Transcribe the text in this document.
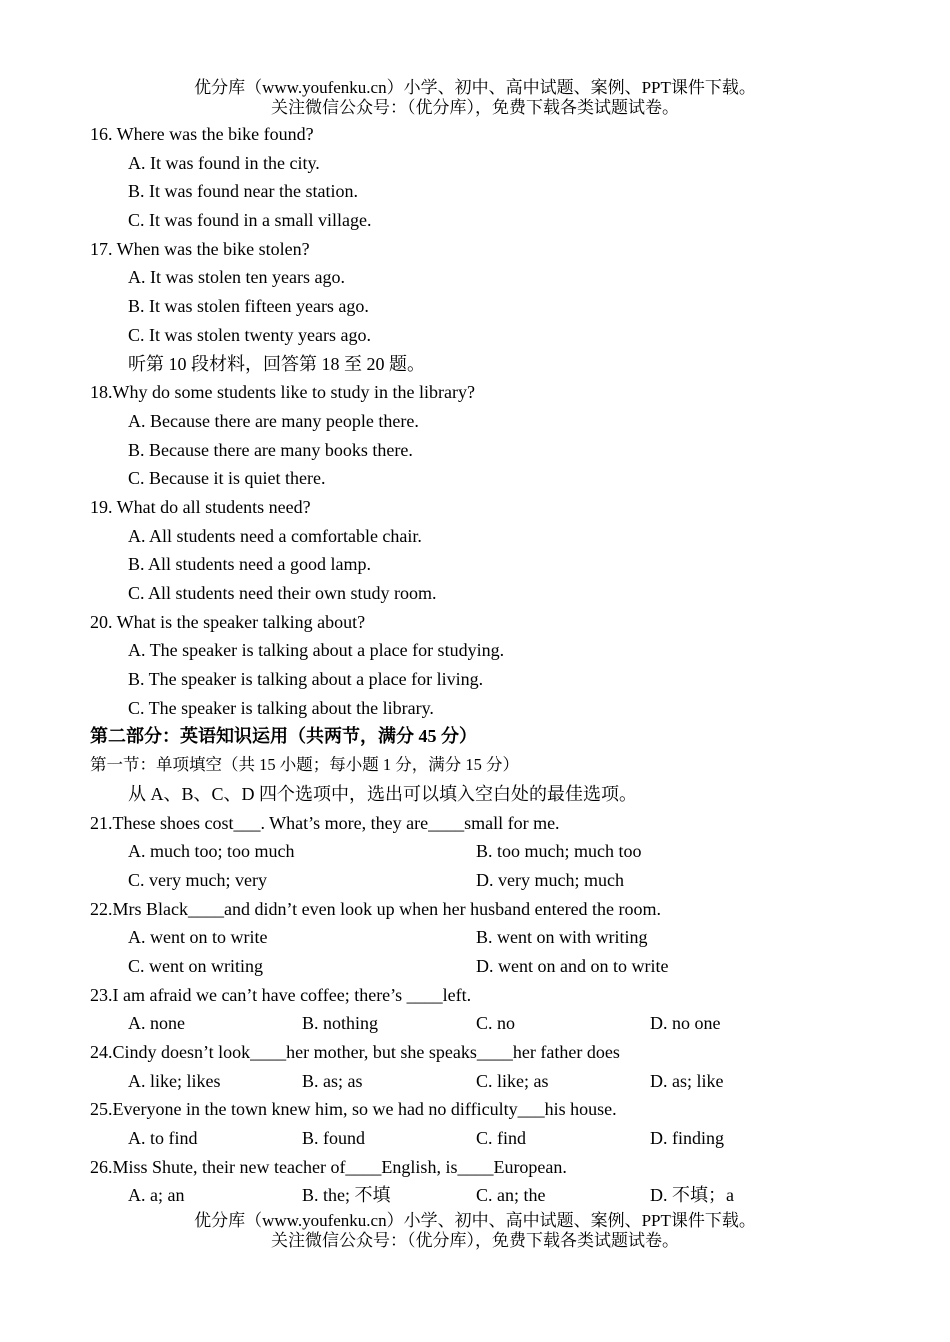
优分库（www.youfenku.cn）小学、初中、高中试题、案例、PPT课件下载。
关注微信公众号：（优分库），免费下载各类试题试卷。
16. Where was the bike found?
A. It was found in the city.
B. It was found near the station.
C. It was found in a small village.
17. When was the bike stolen?
A. It was stolen ten years ago.
B. It was stolen fifteen years ago.
C. It was stolen twenty years ago.
听第 10 段材料，回答第 18 至 20 题。
18.Why do some students like to study in the library?
A. Because there are many people there.
B. Because there are many books there.
C. Because it is quiet there.
19. What do all students need?
A. All students need a comfortable chair.
B. All students need a good lamp.
C. All students need their own study room.
20. What is the speaker talking about?
A. The speaker is talking about a place for studying.
B. The speaker is talking about a place for living.
C. The speaker is talking about the library.
第二部分：英语知识运用（共两节，满分 45 分）
第一节：单项填空（共 15 小题；每小题 1 分，满分 15 分）
从 A、B、C、D 四个选项中，选出可以填入空白处的最佳选项。
21.These shoes cost___. What’s more, they are____small for me.
A. much too; too much	B. too much; much too
C. very much; very	D. very much; much
22.Mrs Black____and didn’t even look up when her husband entered the room.
A. went on to write	B. went on with writing
C. went on writing	D. went on and on to write
23.I am afraid we can’t have coffee; there’s ____left.
A. none	B. nothing	C. no	D. no one
24.Cindy doesn’t look____her mother, but she speaks____her father does
A. like; likes	B. as; as	C. like; as	D. as; like
25.Everyone in the town knew him, so we had no difficulty___his house.
A. to find	B. found	C. find	D. finding
26.Miss Shute, their new teacher of____English, is____European.
A. a; an	B. the; 不填	C. an; the	D. 不填；a
优分库（www.youfenku.cn）小学、初中、高中试题、案例、PPT课件下载。
关注微信公众号：（优分库），免费下载各类试题试卷。
